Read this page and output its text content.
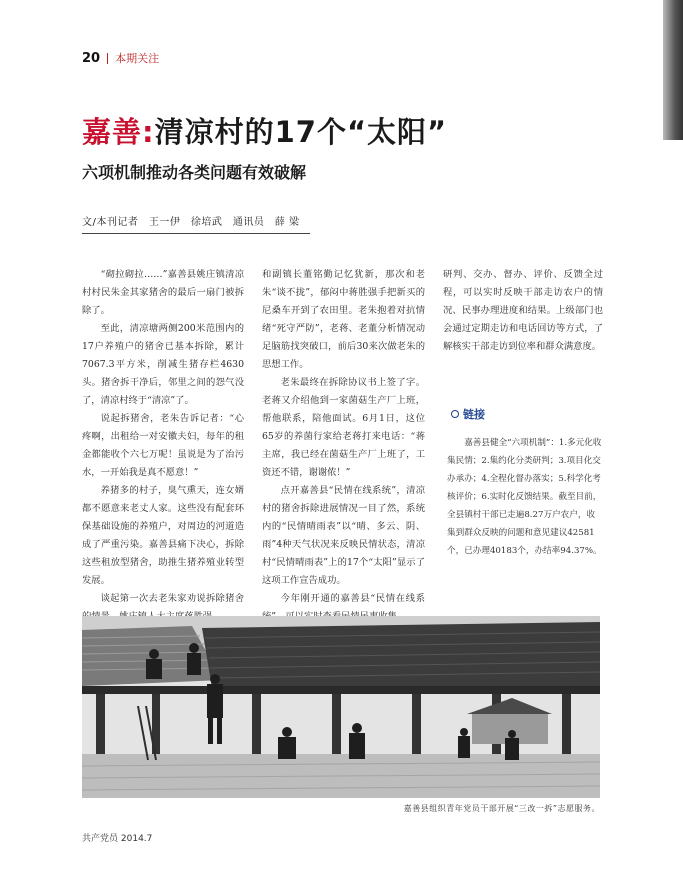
20 本期关注
嘉善:清凉村的17个“太阳”
六项机制推动各类问题有效破解
文/本刊记者　王一伊　徐培武　通讯员　薛 梁

“砌拉砌拉……”嘉善县姚庄镇清凉村村民朱金其家猪舍的最后一扇门被拆除了。

至此，清凉塘两侧200米范围内的17户养殖户的猪舍已基本拆除，累计7067.3平方米，削减生猪存栏4630头。猪舍拆干净后，邻里之间的怨气没了，清凉村终于“清凉”了。

说起拆猪舍，老朱告诉记者：“心疼啊，出租给一对安徽夫妇，每年的租金都能收个六七万呢！虽说是为了治污水，一开始我是真不愿意！”

养猪多的村子，臭气熏天，连女婿都不愿意来老丈人家。这些没有配套环保基础设施的养殖户，对周边的河道造成了严重污染。嘉善县痛下决心，拆除这些租放型猪舍，助推生猪养殖业转型发展。

谈起第一次去老朱家劝说拆除猪舍

和副镇长董铭勤记忆犹新，那次和老朱“谈不拢”，郁闷中蒋胜强手把新买的尼桑车开到了农田里。老朱抱着对抗情绪“死守严防”，老蒋、老董分析情况动足脑筋找突破口，前后30来次做老朱的思想工作。

老朱最终在拆除协议书上签了字。老蒋又介绍他到一家菌菇生产厂上班，帮他联系，陪他面试。6月1日，这位65岁的养菌行家给老蒋打来电话：“蒋主席，我已经在菌菇生产厂上班了，工资还不错，谢谢侬！”

点开嘉善县“民情在线系统”，清凉村的猪舍拆除进展情况一目了然，系统内的“民情晴雨表”以“晴、多云、阴、雨”4种天气状况来反映民情状态，清凉村“民情晴雨表”上的17个“太阳”显示了这项工作宣告成功。

今年刚开通的嘉善县“民情在线系

研判、交办、督办、评价、反馈全过程，可以实时反映干部走访农户的情况、民事办理进度和结果。上级部门也会通过定期走访和电话回访等方式，了解核实干部走访到位率和群众满意度。

链接

嘉善县健全“六项机制”：1.多元化收集民情；2.集约化分类研判；3.项目化交办承办；4.全程化督办落实；5.科学化考核评价；6.实时化反馈结果。截至目前，全县镇村干部已走遍8.27万户农户，收集到群众反映的问题和意见建议42581个，已办理40183个，办结率94.37%。

嘉善县组织青年党员干部开展“三改一拆”志愿服务。
共产党员 2014.7
